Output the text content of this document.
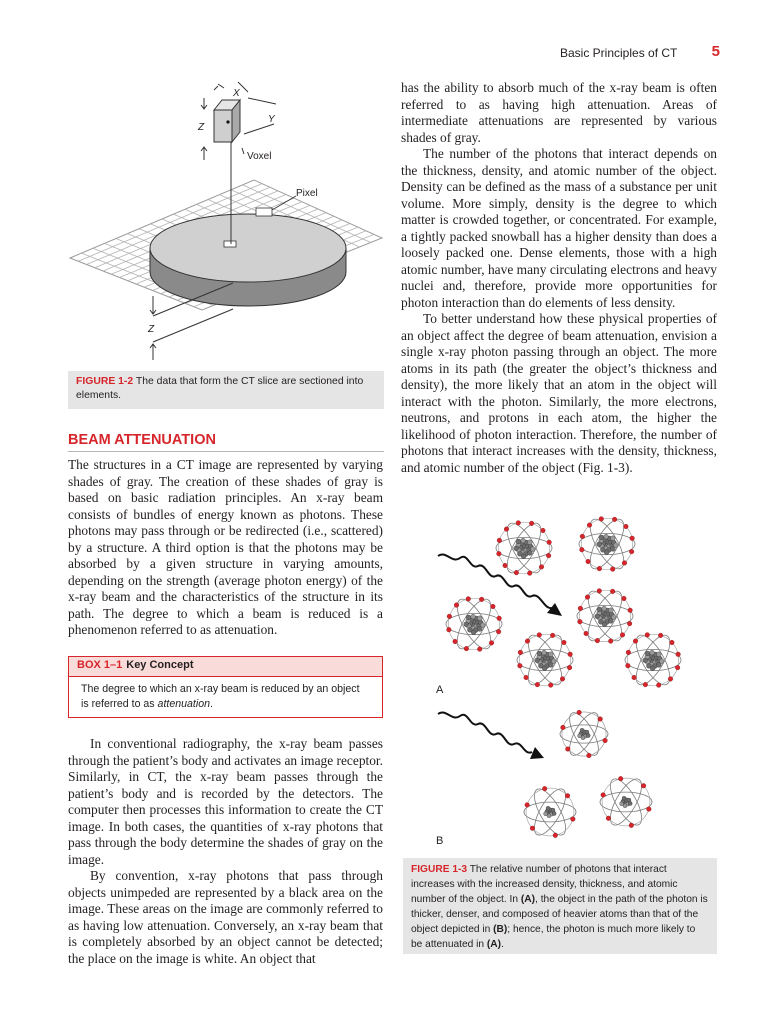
Basic Principles of CT 5
X
Y
Z
Voxel
Pixel
Z
FIGURE 1-2 The data that form the CT slice are sectioned into elements.
BEAM ATTENUATION

The structures in a CT image are represented by varying shades of gray. The creation of these shades of gray is based on basic radiation principles. An x-ray beam consists of bundles of energy known as photons. These photons may pass through or be redirected (i.e., scattered) by a structure. A third option is that the photons may be absorbed by a given structure in varying amounts, depending on the strength (average photon energy) of the x-ray beam and the characteristics of the structure in its path. The degree to which a beam is reduced is a phenomenon referred to as attenuation.

BOX 1–1 Key Concept
The degree to which an x-ray beam is reduced by an object is referred to as attenuation.

In conventional radiography, the x-ray beam passes through the patient’s body and activates an image receptor. Similarly, in CT, the x-ray beam passes through the patient’s body and is recorded by the detectors. The computer then processes this information to create the CT image. In both cases, the quantities of x-ray photons that pass through the body determine the shades of gray on the image.

By convention, x-ray photons that pass through objects unimpeded are represented by a black area on the image. These areas on the image are commonly referred to as having low attenuation. Conversely, an x-ray beam that is completely absorbed by an object cannot be detected; the place on the image is white. An object that

has the ability to absorb much of the x-ray beam is often referred to as having high attenuation. Areas of intermediate attenuations are represented by various shades of gray.

The number of the photons that interact depends on the thickness, density, and atomic number of the object. Density can be defined as the mass of a substance per unit volume. More simply, density is the degree to which matter is crowded together, or concentrated. For example, a tightly packed snowball has a higher density than does a loosely packed one. Dense elements, those with a high atomic number, have many circulating electrons and heavy nuclei and, therefore, provide more opportunities for photon interaction than do elements of less density.

To better understand how these physical properties of an object affect the degree of beam attenuation, envision a single x-ray photon passing through an object. The more atoms in its path (the greater the object’s thickness and density), the more likely that an atom in the object will interact with the photon. Similarly, the more electrons, neutrons, and protons in each atom, the higher the likelihood of photon interaction. Therefore, the number of photons that interact increases with the density, thickness, and atomic number of the object (Fig. 1-3).

A
B
FIGURE 1-3 The relative number of photons that interact increases with the increased density, thickness, and atomic number of the object. In (A), the object in the path of the photon is thicker, denser, and composed of heavier atoms than that of the object depicted in (B); hence, the photon is much more likely to be attenuated in (A).
